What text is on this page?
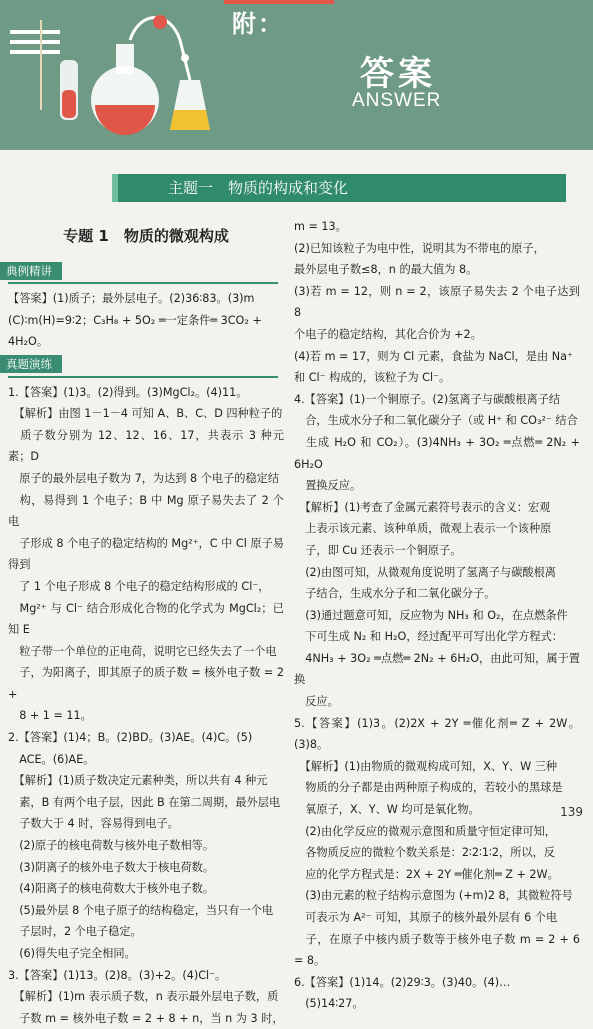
附：
答案
ANSWER
主题一　物质的构成和变化
专题 1　物质的微观构成
典例精讲
【答案】(1)质子；最外层电子。(2)36∶83。(3)m
(C)∶m(H)=9∶2；C₃H₈ + 5O₂ ═一定条件═ 3CO₂ +
4H₂O。
真题演练
1.【答案】(1)3。(2)得到。(3)MgCl₂。(4)11。
　【解析】由图 1－1－4 可知 A、B、C、D 四种粒子的
　质子数分别为 12、12、16、17，共表示 3 种元素；D
　原子的最外层电子数为 7，为达到 8 个电子的稳定结
　构，易得到 1 个电子；B 中 Mg 原子易失去了 2 个电
　子形成 8 个电子的稳定结构的 Mg²⁺，C 中 Cl 原子易得到
　了 1 个电子形成 8 个电子的稳定结构形成的 Cl⁻，
　Mg²⁺ 与 Cl⁻ 结合形成化合物的化学式为 MgCl₂；已知 E
　粒子带一个单位的正电荷，说明它已经失去了一个电
　子，为阳离子，即其原子的质子数 = 核外电子数 = 2 +
　8 + 1 = 11。
2.【答案】(1)4；B。(2)BD。(3)AE。(4)C。(5)
　ACE。(6)AE。
　【解析】(1)质子数决定元素种类，所以共有 4 种元
　素，B 有两个电子层，因此 B 在第二周期，最外层电
　子数大于 4 时，容易得到电子。
　(2)原子的核电荷数与核外电子数相等。
　(3)阴离子的核外电子数大于核电荷数。
　(4)阳离子的核电荷数大于核外电子数。
　(5)最外层 8 个电子原子的结构稳定，当只有一个电
　子层时，2 个电子稳定。
　(6)得失电子完全相同。
3.【答案】(1)13。(2)8。(3)+2。(4)Cl⁻。
　【解析】(1)m 表示质子数，n 表示最外层电子数，质
　子数 m = 核外电子数 = 2 + 8 + n，当 n 为 3 时，
m = 13。
(2)已知该粒子为电中性，说明其为不带电的原子，
最外层电子数≤8，n 的最大值为 8。
(3)若 m = 12，则 n = 2，该原子易失去 2 个电子达到 8
个电子的稳定结构，其化合价为 +2。
(4)若 m = 17，则为 Cl 元素，食盐为 NaCl，是由 Na⁺
和 Cl⁻ 构成的，该粒子为 Cl⁻。
4.【答案】(1)一个铜原子。(2)氢离子与碳酸根离子结
　合，生成水分子和二氧化碳分子（或 H⁺ 和 CO₃²⁻ 结合
　生成 H₂O 和 CO₂）。(3)4NH₃ + 3O₂ ═点燃═ 2N₂ + 6H₂O
　置换反应。
　【解析】(1)考查了金属元素符号表示的含义：宏观
　上表示该元素、该种单质，微观上表示一个该种原
　子，即 Cu 还表示一个铜原子。
　(2)由图可知，从微观角度说明了氢离子与碳酸根离
　子结合，生成水分子和二氧化碳分子。
　(3)通过题意可知，反应物为 NH₃ 和 O₂，在点燃条件
　下可生成 N₂ 和 H₂O，经过配平可写出化学方程式：
　4NH₃ + 3O₂ ═点燃═ 2N₂ + 6H₂O，由此可知，属于置换
　反应。
5.【答案】(1)3。(2)2X + 2Y ═催化剂═ Z + 2W。(3)8。
　【解析】(1)由物质的微观构成可知，X、Y、W 三种
　物质的分子都是由两种原子构成的，若较小的黑球是
　氧原子，X、Y、W 均可是氧化物。
　(2)由化学反应的微观示意图和质量守恒定律可知，
　各物质反应的微粒个数关系是：2∶2∶1∶2，所以，反
　应的化学方程式是：2X + 2Y ═催化剂═ Z + 2W。
　(3)由元素的粒子结构示意图为 (+m)2 8，其微粒符号
　可表示为 A²⁻ 可知，其原子的核外最外层有 6 个电
　子，在原子中核内质子数等于核外电子数 m = 2 + 6 = 8。
6.【答案】(1)14。(2)29∶3。(3)40。(4)…
　(5)14∶27。
139
